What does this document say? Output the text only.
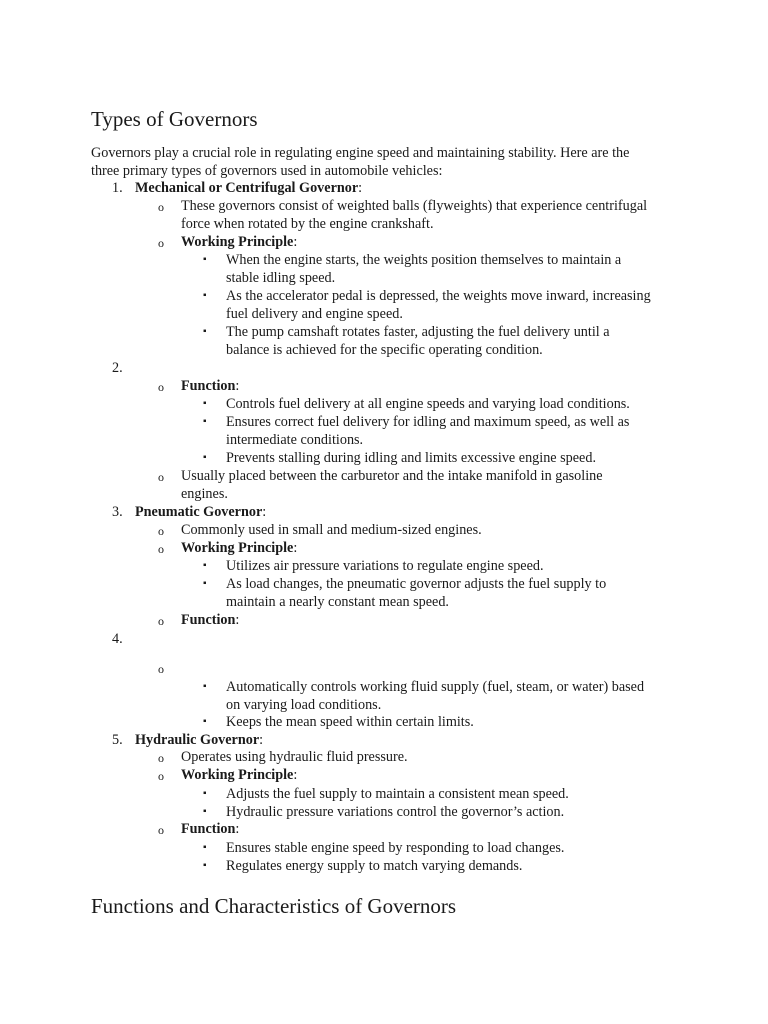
Types of Governors
Governors play a crucial role in regulating engine speed and maintaining stability. Here are the
three primary types of governors used in automobile vehicles:
1. Mechanical or Centrifugal Governor:
o These governors consist of weighted balls (flyweights) that experience centrifugal
force when rotated by the engine crankshaft.
o Working Principle:
▪ When the engine starts, the weights position themselves to maintain a
stable idling speed.
▪ As the accelerator pedal is depressed, the weights move inward, increasing
fuel delivery and engine speed.
▪ The pump camshaft rotates faster, adjusting the fuel delivery until a
balance is achieved for the specific operating condition.
2.
o Function:
▪ Controls fuel delivery at all engine speeds and varying load conditions.
▪ Ensures correct fuel delivery for idling and maximum speed, as well as
intermediate conditions.
▪ Prevents stalling during idling and limits excessive engine speed.
o Usually placed between the carburetor and the intake manifold in gasoline
engines.
3. Pneumatic Governor:
o Commonly used in small and medium-sized engines.
o Working Principle:
▪ Utilizes air pressure variations to regulate engine speed.
▪ As load changes, the pneumatic governor adjusts the fuel supply to
maintain a nearly constant mean speed.
o Function:
4.
o
▪ Automatically controls working fluid supply (fuel, steam, or water) based
on varying load conditions.
▪ Keeps the mean speed within certain limits.
5. Hydraulic Governor:
o Operates using hydraulic fluid pressure.
o Working Principle:
▪ Adjusts the fuel supply to maintain a consistent mean speed.
▪ Hydraulic pressure variations control the governor’s action.
o Function:
▪ Ensures stable engine speed by responding to load changes.
▪ Regulates energy supply to match varying demands.
Functions and Characteristics of Governors
